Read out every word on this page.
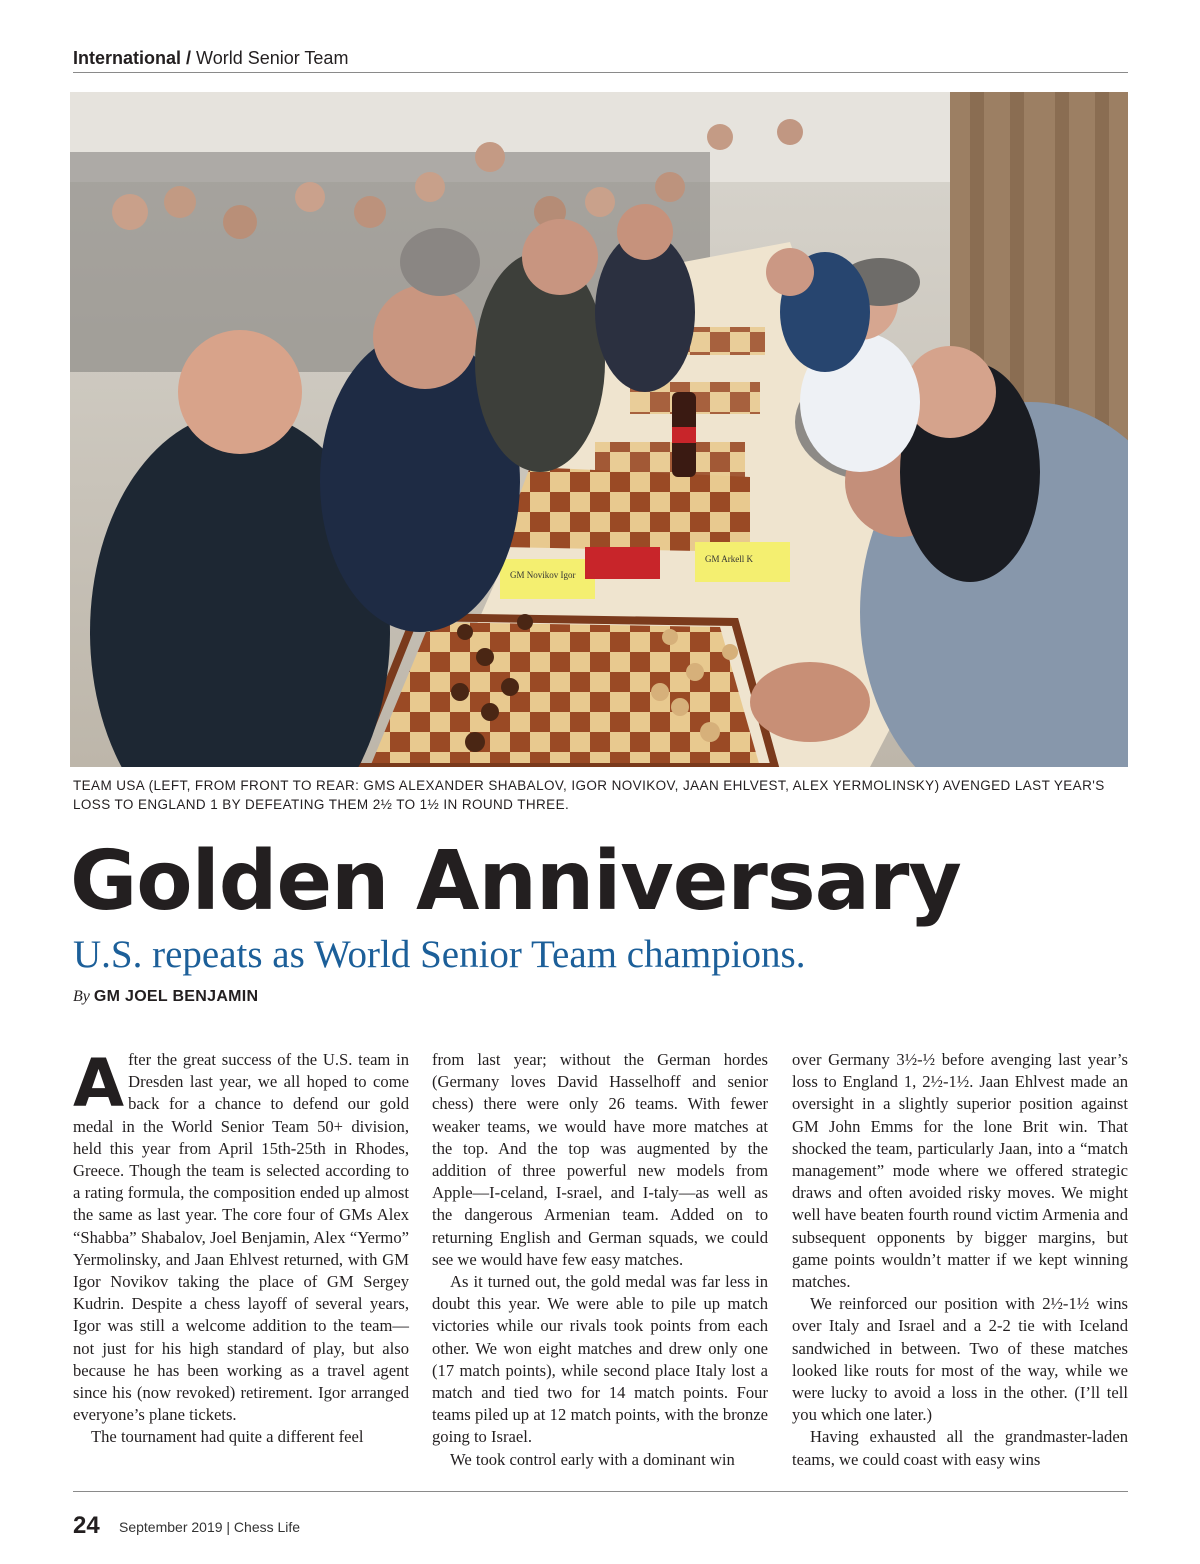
International / World Senior Team
GM Novikov Igor
GM Arkell K
TEAM USA (LEFT, FROM FRONT TO REAR: GMS ALEXANDER SHABALOV, IGOR NOVIKOV, JAAN EHLVEST, ALEX YERMOLINSKY) AVENGED LAST YEAR'S LOSS TO ENGLAND 1 BY DEFEATING THEM 2½ TO 1½ IN ROUND THREE.
Golden Anniversary
U.S. repeats as World Senior Team champions.
By GM JOEL BENJAMIN

After the great success of the U.S. team in Dresden last year, we all hoped to come back for a chance to defend our gold medal in the World Senior Team 50+ division, held this year from April 15th-25th in Rhodes, Greece. Though the team is selected according to a rating formula, the composition ended up almost the same as last year. The core four of GMs Alex “Shabba” Shabalov, Joel Benjamin, Alex “Yermo” Yermolinsky, and Jaan Ehlvest returned, with GM Igor Novikov taking the place of GM Sergey Kudrin. Despite a chess layoff of several years, Igor was still a welcome addition to the team—not just for his high standard of play, but also because he has been working as a travel agent since his (now revoked) retirement. Igor arranged everyone’s plane tickets.

The tournament had quite a different feel

from last year; without the German hordes (Germany loves David Hasselhoff and senior chess) there were only 26 teams. With fewer weaker teams, we would have more matches at the top. And the top was augmented by the addition of three powerful new models from Apple—I-celand, I-srael, and I-taly—as well as the dangerous Armenian team. Added on to returning English and German squads, we could see we would have few easy matches.

As it turned out, the gold medal was far less in doubt this year. We were able to pile up match victories while our rivals took points from each other. We won eight matches and drew only one (17 match points), while second place Italy lost a match and tied two for 14 match points. Four teams piled up at 12 match points, with the bronze going to Israel.

We took control early with a dominant win

over Germany 3½-½ before avenging last year’s loss to England 1, 2½-1½. Jaan Ehlvest made an oversight in a slightly superior position against GM John Emms for the lone Brit win. That shocked the team, particularly Jaan, into a “match management” mode where we offered strategic draws and often avoided risky moves. We might well have beaten fourth round victim Armenia and subsequent opponents by bigger margins, but game points wouldn’t matter if we kept winning matches.

We reinforced our position with 2½-1½ wins over Italy and Israel and a 2-2 tie with Iceland sandwiched in between. Two of these matches looked like routs for most of the way, while we were lucky to avoid a loss in the other. (I’ll tell you which one later.)

Having exhausted all the grandmaster-laden teams, we could coast with easy wins

24 September 2019 | Chess Life
